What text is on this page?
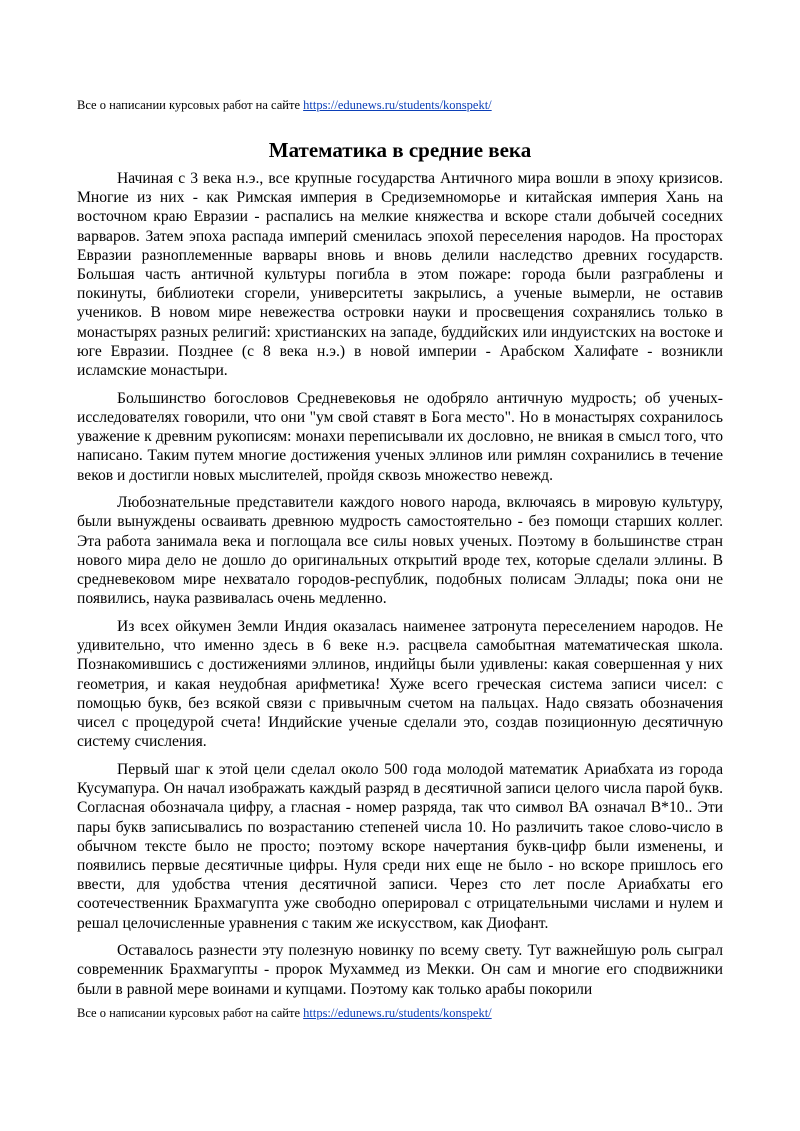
Все о написании курсовых работ на сайте https://edunews.ru/students/konspekt/
Математика в средние века

Начиная с 3 века н.э., все крупные государства Античного мира вошли в эпоху кризисов. Многие из них - как Римская империя в Средиземноморье и китайская империя Хань на восточном краю Евразии - распались на мелкие княжества и вскоре стали добычей соседних варваров. Затем эпоха распада империй сменилась эпохой переселения народов. На просторах Евразии разноплеменные варвары вновь и вновь делили наследство древних государств. Большая часть античной культуры погибла в этом пожаре: города были разграблены и покинуты, библиотеки сгорели, университеты закрылись, а ученые вымерли, не оставив учеников. В новом мире невежества островки науки и просвещения сохранялись только в монастырях разных религий: христианских на западе, буддийских или индуистских на востоке и юге Евразии. Позднее (с 8 века н.э.) в новой империи - Арабском Халифате - возникли исламские монастыри.

Большинство богословов Средневековья не одобряло античную мудрость; об ученых-исследователях говорили, что они "ум свой ставят в Бога место". Но в монастырях сохранилось уважение к древним рукописям: монахи переписывали их дословно, не вникая в смысл того, что написано. Таким путем многие достижения ученых эллинов или римлян сохранились в течение веков и достигли новых мыслителей, пройдя сквозь множество невежд.

Любознательные представители каждого нового народа, включаясь в мировую культуру, были вынуждены осваивать древнюю мудрость самостоятельно - без помощи старших коллег. Эта работа занимала века и поглощала все силы новых ученых. Поэтому в большинстве стран нового мира дело не дошло до оригинальных открытий вроде тех, которые сделали эллины. В средневековом мире нехватало городов-республик, подобных полисам Эллады; пока они не появились, наука развивалась очень медленно.

Из всех ойкумен Земли Индия оказалась наименее затронута переселением народов. Не удивительно, что именно здесь в 6 веке н.э. расцвела самобытная математическая школа. Познакомившись с достижениями эллинов, индийцы были удивлены: какая совершенная у них геометрия, и какая неудобная арифметика! Хуже всего греческая система записи чисел: с помощью букв, без всякой связи с привычным счетом на пальцах. Надо связать обозначения чисел с процедурой счета! Индийские ученые сделали это, создав позиционную десятичную систему счисления.

Первый шаг к этой цели сделал около 500 года молодой математик Ариабхата из города Кусумапура. Он начал изображать каждый разряд в десятичной записи целого числа парой букв. Согласная обозначала цифру, а гласная - номер разряда, так что символ ВА означал В*10.. Эти пары букв записывались по возрастанию степеней числа 10. Но различить такое слово-число в обычном тексте было не просто; поэтому вскоре начертания букв-цифр были изменены, и появились первые десятичные цифры. Нуля среди них еще не было - но вскоре пришлось его ввести, для удобства чтения десятичной записи. Через сто лет после Ариабхаты его соотечественник Брахмагупта уже свободно оперировал с отрицательными числами и нулем и решал целочисленные уравнения с таким же искусством, как Диофант.

Оставалось разнести эту полезную новинку по всему свету. Тут важнейшую роль сыграл современник Брахмагупты - пророк Мухаммед из Мекки. Он сам и многие его сподвижники были в равной мере воинами и купцами. Поэтому как только арабы покорили

Все о написании курсовых работ на сайте https://edunews.ru/students/konspekt/
